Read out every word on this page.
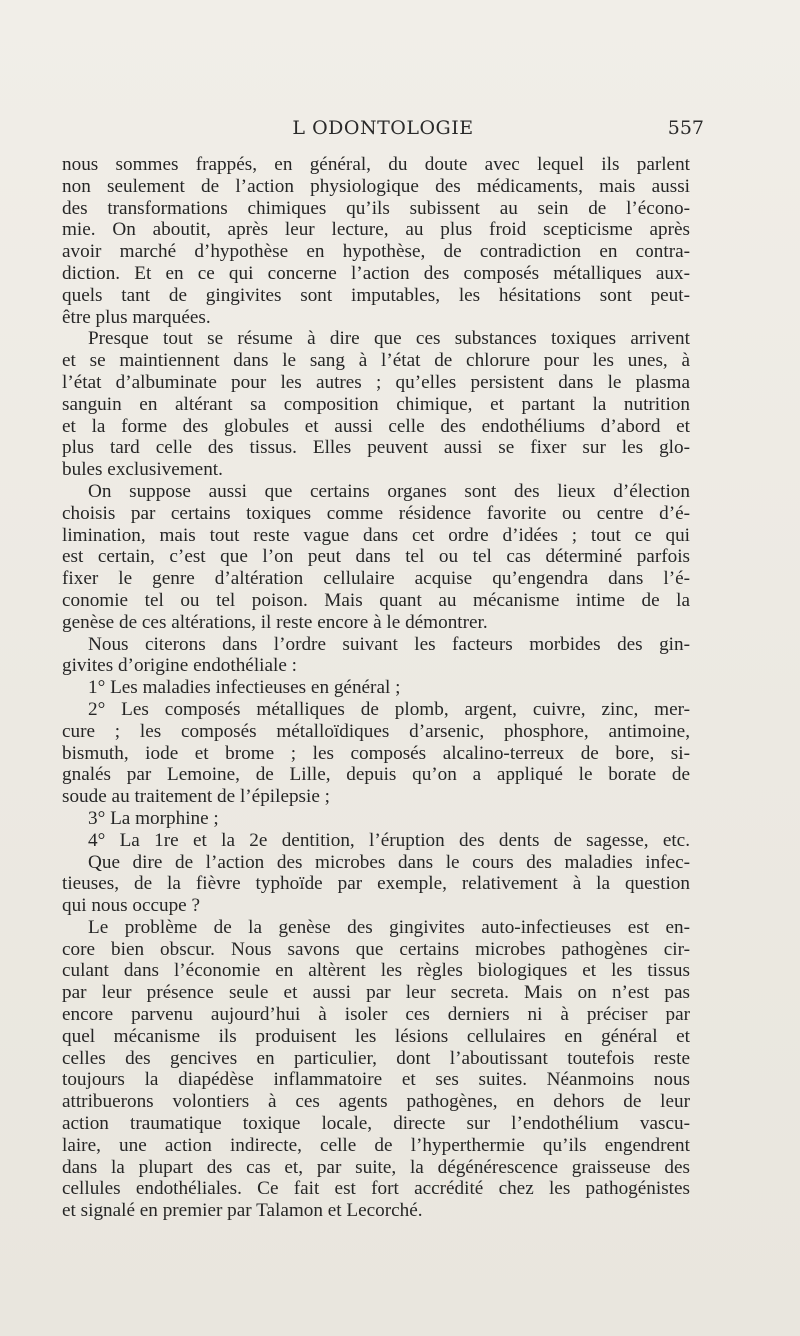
L ODONTOLOGIE	557
nous sommes frappés, en général, du doute avec lequel ils parlent
non seulement de l’action physiologique des médicaments, mais aussi
des transformations chimiques qu’ils subissent au sein de l’écono-
mie. On aboutit, après leur lecture, au plus froid scepticisme après
avoir marché d’hypothèse en hypothèse, de contradiction en contra-
diction. Et en ce qui concerne l’action des composés métalliques aux-
quels tant de gingivites sont imputables, les hésitations sont peut-
être plus marquées.
Presque tout se résume à dire que ces substances toxiques arrivent
et se maintiennent dans le sang à l’état de chlorure pour les unes, à
l’état d’albuminate pour les autres ; qu’elles persistent dans le plasma
sanguin en altérant sa composition chimique, et partant la nutrition
et la forme des globules et aussi celle des endothéliums d’abord et
plus tard celle des tissus. Elles peuvent aussi se fixer sur les glo-
bules exclusivement.
On suppose aussi que certains organes sont des lieux d’élection
choisis par certains toxiques comme résidence favorite ou centre d’é-
limination, mais tout reste vague dans cet ordre d’idées ; tout ce qui
est certain, c’est que l’on peut dans tel ou tel cas déterminé parfois
fixer le genre d’altération cellulaire acquise qu’engendra dans l’é-
conomie tel ou tel poison. Mais quant au mécanisme intime de la
genèse de ces altérations, il reste encore à le démontrer.
Nous citerons dans l’ordre suivant les facteurs morbides des gin-
givites d’origine endothéliale :
1° Les maladies infectieuses en général ;
2° Les composés métalliques de plomb, argent, cuivre, zinc, mer-
cure ; les composés métalloïdiques d’arsenic, phosphore, antimoine,
bismuth, iode et brome ; les composés alcalino-terreux de bore, si-
gnalés par Lemoine, de Lille, depuis qu’on a appliqué le borate de
soude au traitement de l’épilepsie ;
3° La morphine ;
4° La 1re et la 2e dentition, l’éruption des dents de sagesse, etc.
Que dire de l’action des microbes dans le cours des maladies infec-
tieuses, de la fièvre typhoïde par exemple, relativement à la question
qui nous occupe ?
Le problème de la genèse des gingivites auto-infectieuses est en-
core bien obscur. Nous savons que certains microbes pathogènes cir-
culant dans l’économie en altèrent les règles biologiques et les tissus
par leur présence seule et aussi par leur secreta. Mais on n’est pas
encore parvenu aujourd’hui à isoler ces derniers ni à préciser par
quel mécanisme ils produisent les lésions cellulaires en général et
celles des gencives en particulier, dont l’aboutissant toutefois reste
toujours la diapédèse inflammatoire et ses suites. Néanmoins nous
attribuerons volontiers à ces agents pathogènes, en dehors de leur
action traumatique toxique locale, directe sur l’endothélium vascu-
laire, une action indirecte, celle de l’hyperthermie qu’ils engendrent
dans la plupart des cas et, par suite, la dégénérescence graisseuse des
cellules endothéliales. Ce fait est fort accrédité chez les pathogénistes
et signalé en premier par Talamon et Lecorché.
